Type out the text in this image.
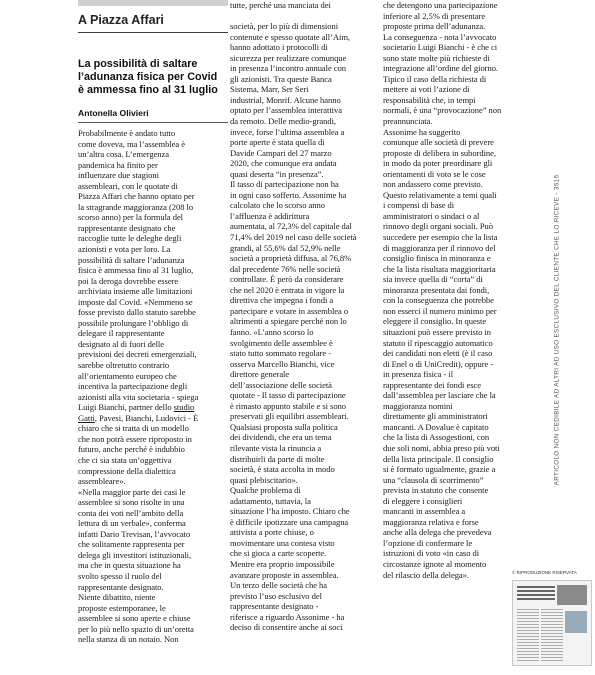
A Piazza Affari
La possibilità di saltare
l’adunanza fisica per Covid
è ammessa fino al 31 luglio
Antonella Olivieri
Probabilmente è andato tutto
come doveva, ma l’assemblea è
un’altra cosa. L’emergenza
pandemica ha finito per
influenzare due stagioni
assembleari, con le quotate di
Piazza Affari che hanno optato per
la stragrande maggioranza (208 lo
scorso anno) per la formula del
rappresentante designato che
raccoglie tutte le deleghe degli
azionisti e vota per loro. La
possibilità di saltare l’adunanza
fisica è ammessa fino al 31 luglio,
poi la deroga dovrebbe essere
archiviata insieme alle limitazioni
imposte dal Covid. «Nemmeno se
fosse previsto dallo statuto sarebbe
possibile prolungare l’obbligo di
delegare il rappresentante
designato al di fuori delle
previsioni dei decreti emergenziali,
sarebbe oltretutto contrario
all’orientamento europeo che
incentiva la partecipazione degli
azionisti alla vita societaria - spiega
Luigi Bianchi, partner dello studio
Gatti, Pavesi, Bianchi, Ludovici - È
chiaro che si tratta di un modello
che non potrà essere riproposto in
futuro, anche perché è indubbio
che ci sia stata un’oggettiva
compressione della dialettica
assembleare».
«Nella maggior parte dei casi le
assemblee si sono risolte in una
conta dei voti nell’ambito della
lettura di un verbale», conferma
infatti Dario Trevisan, l’avvocato
che solitamente rappresenta per
delega gli investitori istituzionali,
ma che in questa situazione ha
svolto spesso il ruolo del
rappresentante designato.
Niente dibattito, niente
proposte estemporanee, le
assemblee si sono aperte e chiuse
per lo più nello spazio di un’oretta
nella stanza di un notaio. Non
tutte, perché una manciata dei
società, per lo più di dimensioni
contenute e spesso quotate all’Aim,
hanno adottato i protocolli di
sicurezza per realizzare comunque
in presenza l’incontro annuale con
gli azionisti. Tra queste Banca
Sistema, Marr, Ser Seri
industrial, Monrif. Alcune hanno
optato per l’assemblea interattiva
da remoto. Delle medio-grandi,
invece, forse l’ultima assemblea a
porte aperte è stata quella di
Davide Campari del 27 marzo
2020, che comunque era andata
quasi deserta “in presenza”.
Il tasso di partecipazione non ha
in ogni caso sofferto. Assonime ha
calcolato che lo scorso anno
l’affluenza è addirittura
aumentata, al 72,3% del capitale dal
71,4% del 2019 nel caso delle società
grandi, al 55,6% dal 52,9% nelle
società a proprietà diffusa, al 76,8%
dal precedente 76% nelle società
controllate. È però da considerare
che nel 2020 è entrata in vigore la
direttiva che impegna i fondi a
partecipare e votare in assemblea o
altrimenti a spiegare perché non lo
fanno. «L’anno scorso lo
svolgimento delle assemblee è
stato tutto sommato regolare -
osserva Marcello Bianchi, vice
direttore generale
dell’associazione delle società
quotate - Il tasso di partecipazione
è rimasto appunto stabile e si sono
preservati gli equilibri assembleari.
Qualsiasi proposta sulla politica
dei dividendi, che era un tema
rilevante vista la rinuncia a
distribuirli da parte di molte
società, è stata accolta in modo
quasi plebiscitario».
Qualche problema di
adattamento, tuttavia, la
situazione l’ha imposto. Chiaro che
è difficile ipotizzare una campagna
attivista a porte chiuse, o
movimentare una contesa visto
che si gioca a carte scoperte.
Mentre era proprio impossibile
avanzare proposte in assemblea.
Un terzo delle società che ha
previsto l’uso esclusivo del
rappresentante designato -
riferisce a riguardo Assonime - ha
deciso di consentire anche ai soci
che detengono una partecipazione
inferiore al 2,5% di presentare
proposte prima dell’adunanza.
La conseguenza - nota l’avvocato
societario Luigi Bianchi - è che ci
sono state molte più richieste di
integrazione all’ordine del giorno.
Tipico il caso della richiesta di
mettere ai voti l’azione di
responsabilità che, in tempi
normali, è una “provocazione” non
preannunciata.
Assonime ha suggerito
comunque alle società di prevere
proposte di delibera in subordine,
in modo da poter preordinare gli
orientamenti di voto se le cose
non andassero come previsto.
Questo relativamente a temi quali
i compensi di base di
amministratori o sindaci o al
rinnovo degli organi sociali. Può
succedere per esempio che la lista
di maggioranza per il rinnovo del
consiglio finisca in minoranza e
che la lista risultata maggioritaria
sia invece quella di “corta” di
minoranza presentata dai fondi,
con la conseguenza che potrebbe
non esserci il numero minimo per
eleggere il consiglio. In queste
situazioni può essere previsto in
statuto il ripescaggio automatico
dei candidati non eletti (è il caso
di Enel o di UniCredit), oppure -
in presenza fisica - il
rappresentante dei fondi esce
dall’assemblea per lasciare che la
maggioranza nomini
direttamente gli amministratori
mancanti. A Dovalue è capitato
che la lista di Assogestioni, con
due soli nomi, abbia preso più voti
della lista principale. Il consiglio
si è formato ugualmente, grazie a
una “clausola di scorrimento”
prevista in statuto che consente
di eleggere i consiglieri
mancanti in assemblea a
maggioranza relativa e forse
anche alla delega che prevedeva
l’opzione di confermare le
istruzioni di voto «in caso di
circostanze ignote al momento
del rilascio della delega».	© RIPRODUZIONE RISERVATA
ARTICOLO NON CEDIBILE AD ALTRI AD USO ESCLUSIVO DEL CLIENTE CHE LO RICEVE - 3616
